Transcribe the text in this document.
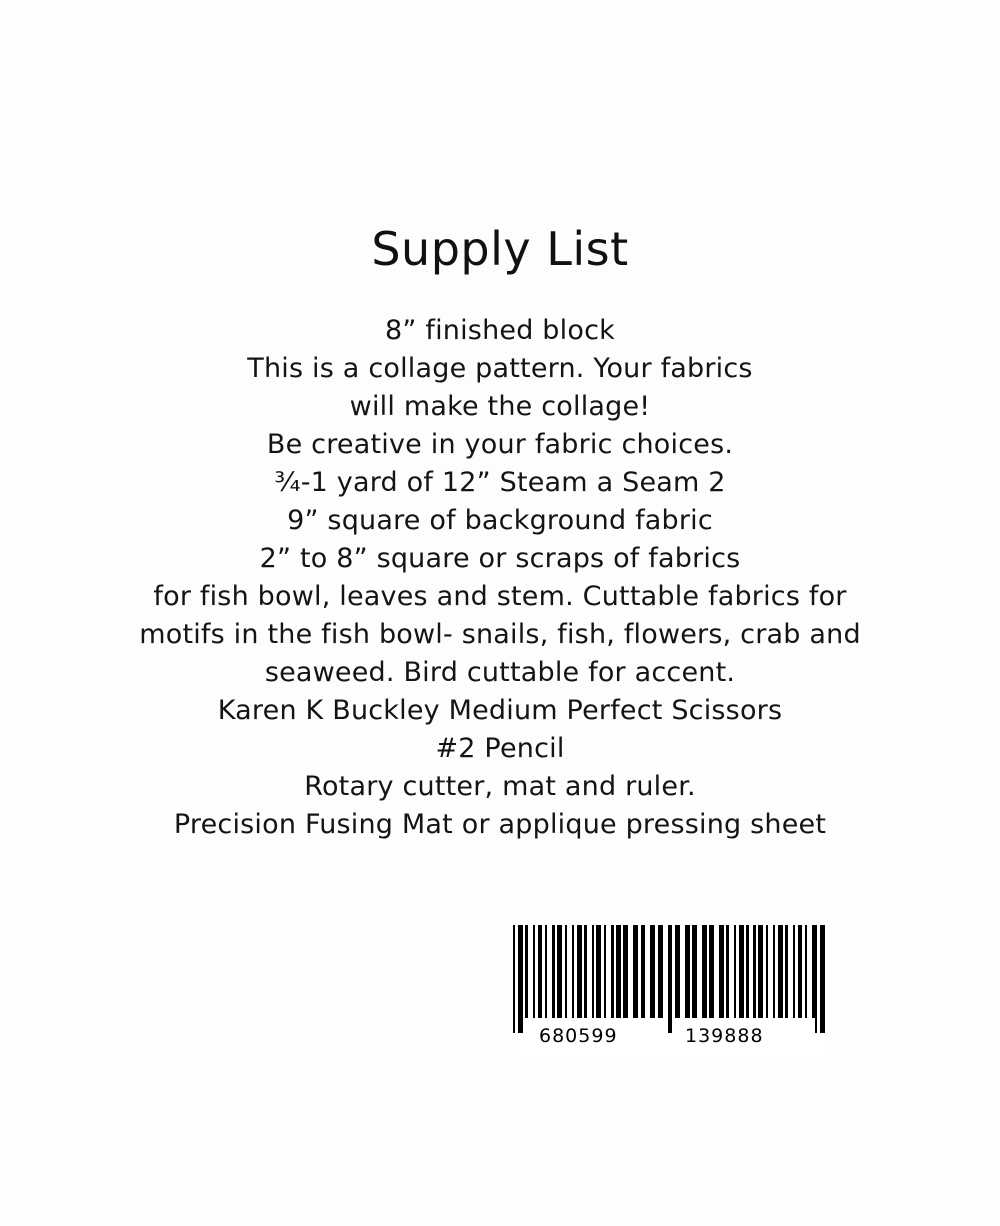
Supply List
8” finished block
This is a collage pattern. Your fabrics
will make the collage!
Be creative in your fabric choices.
¾-1 yard of 12” Steam a Seam 2
9” square of background fabric
2” to 8” square or scraps of fabrics
for fish bowl, leaves and stem. Cuttable fabrics for
motifs in the fish bowl- snails, fish, flowers, crab and
seaweed. Bird cuttable for accent.
Karen K Buckley Medium Perfect Scissors
#2 Pencil
Rotary cutter, mat and ruler.
Precision Fusing Mat or applique pressing sheet
680599	139888
